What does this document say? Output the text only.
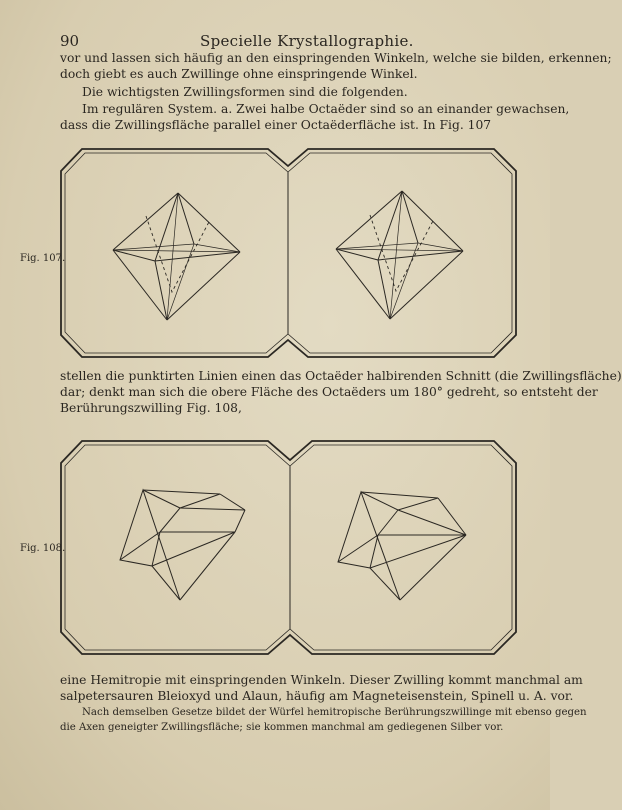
90	Specielle Krystallographie.
vor und lassen sich häufig an den einspringenden Winkeln, welche sie bilden, erkennen;
doch giebt es auch Zwillinge ohne einspringende Winkel.
Die wichtigsten Zwillingsformen sind die folgenden.
Im regulären System. a. Zwei halbe Octaëder sind so an einander gewachsen,
dass die Zwillingsfläche parallel einer Octaëderfläche ist. In Fig. 107
Fig. 107.
stellen die punktirten Linien einen das Octaëder halbirenden Schnitt (die Zwillingsfläche)
dar; denkt man sich die obere Fläche des Octaëders um 180° gedreht, so entsteht der
Berührungszwilling Fig. 108,
Fig. 108.
eine Hemitropie mit einspringenden Winkeln. Dieser Zwilling kommt manchmal am
salpetersauren Bleioxyd und Alaun, häufig am Magneteisenstein, Spinell u. A. vor.
Nach demselben Gesetze bildet der Würfel hemitropische Berührungszwillinge mit ebenso gegen
die Axen geneigter Zwillingsfläche; sie kommen manchmal am gediegenen Silber vor.
